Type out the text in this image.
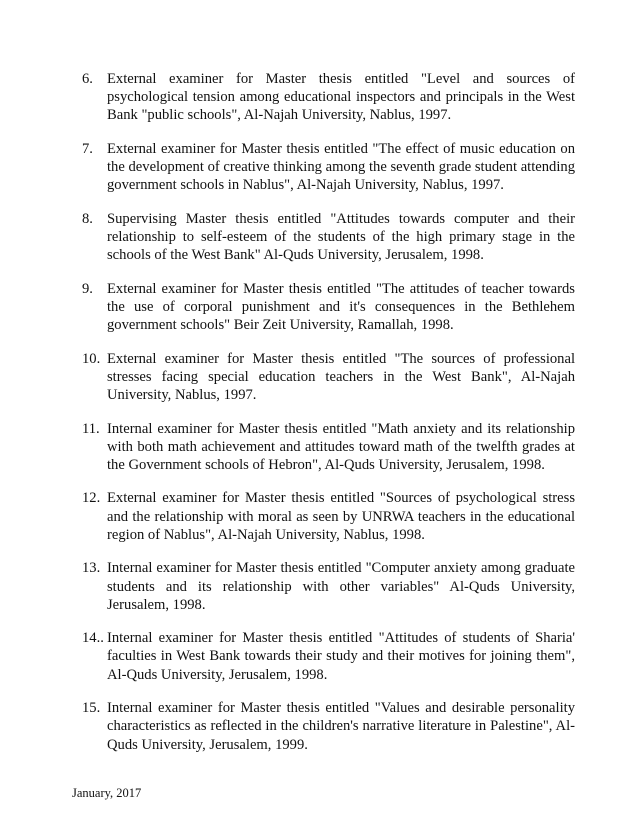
6. External examiner for Master thesis entitled "Level and sources of psychological tension among educational inspectors and principals in the West Bank "public schools", Al-Najah University, Nablus, 1997.
7. External examiner for Master thesis entitled "The effect of music education on the development of creative thinking among the seventh grade student attending government schools in Nablus", Al-Najah University, Nablus, 1997.
8. Supervising Master thesis entitled "Attitudes towards computer and their relationship to self-esteem of the students of the high primary stage in the schools of the West Bank" Al-Quds University, Jerusalem, 1998.
9. External examiner for Master thesis entitled "The attitudes of teacher towards the use of corporal punishment and it's consequences in the Bethlehem government schools" Beir Zeit University, Ramallah, 1998.
10. External examiner for Master thesis entitled "The sources of professional stresses facing special education teachers in the West Bank", Al-Najah University, Nablus, 1997.
11. Internal examiner for Master thesis entitled "Math anxiety and its relationship with both math achievement and attitudes toward math of the twelfth grades at the Government schools of Hebron", Al-Quds University, Jerusalem, 1998.
12. External examiner for Master thesis entitled "Sources of psychological stress and the relationship with moral as seen by UNRWA teachers in the educational region of Nablus", Al-Najah University, Nablus, 1998.
13. Internal examiner for Master thesis entitled "Computer anxiety among graduate students and its relationship with other variables" Al-Quds University, Jerusalem, 1998.
14.. Internal examiner for Master thesis entitled "Attitudes of students of Sharia' faculties in West Bank towards their study and their motives for joining them", Al-Quds University, Jerusalem, 1998.
15. Internal examiner for Master thesis entitled "Values and desirable personality characteristics as reflected in the children's narrative literature in Palestine", Al-Quds University, Jerusalem, 1999.
January, 2017
